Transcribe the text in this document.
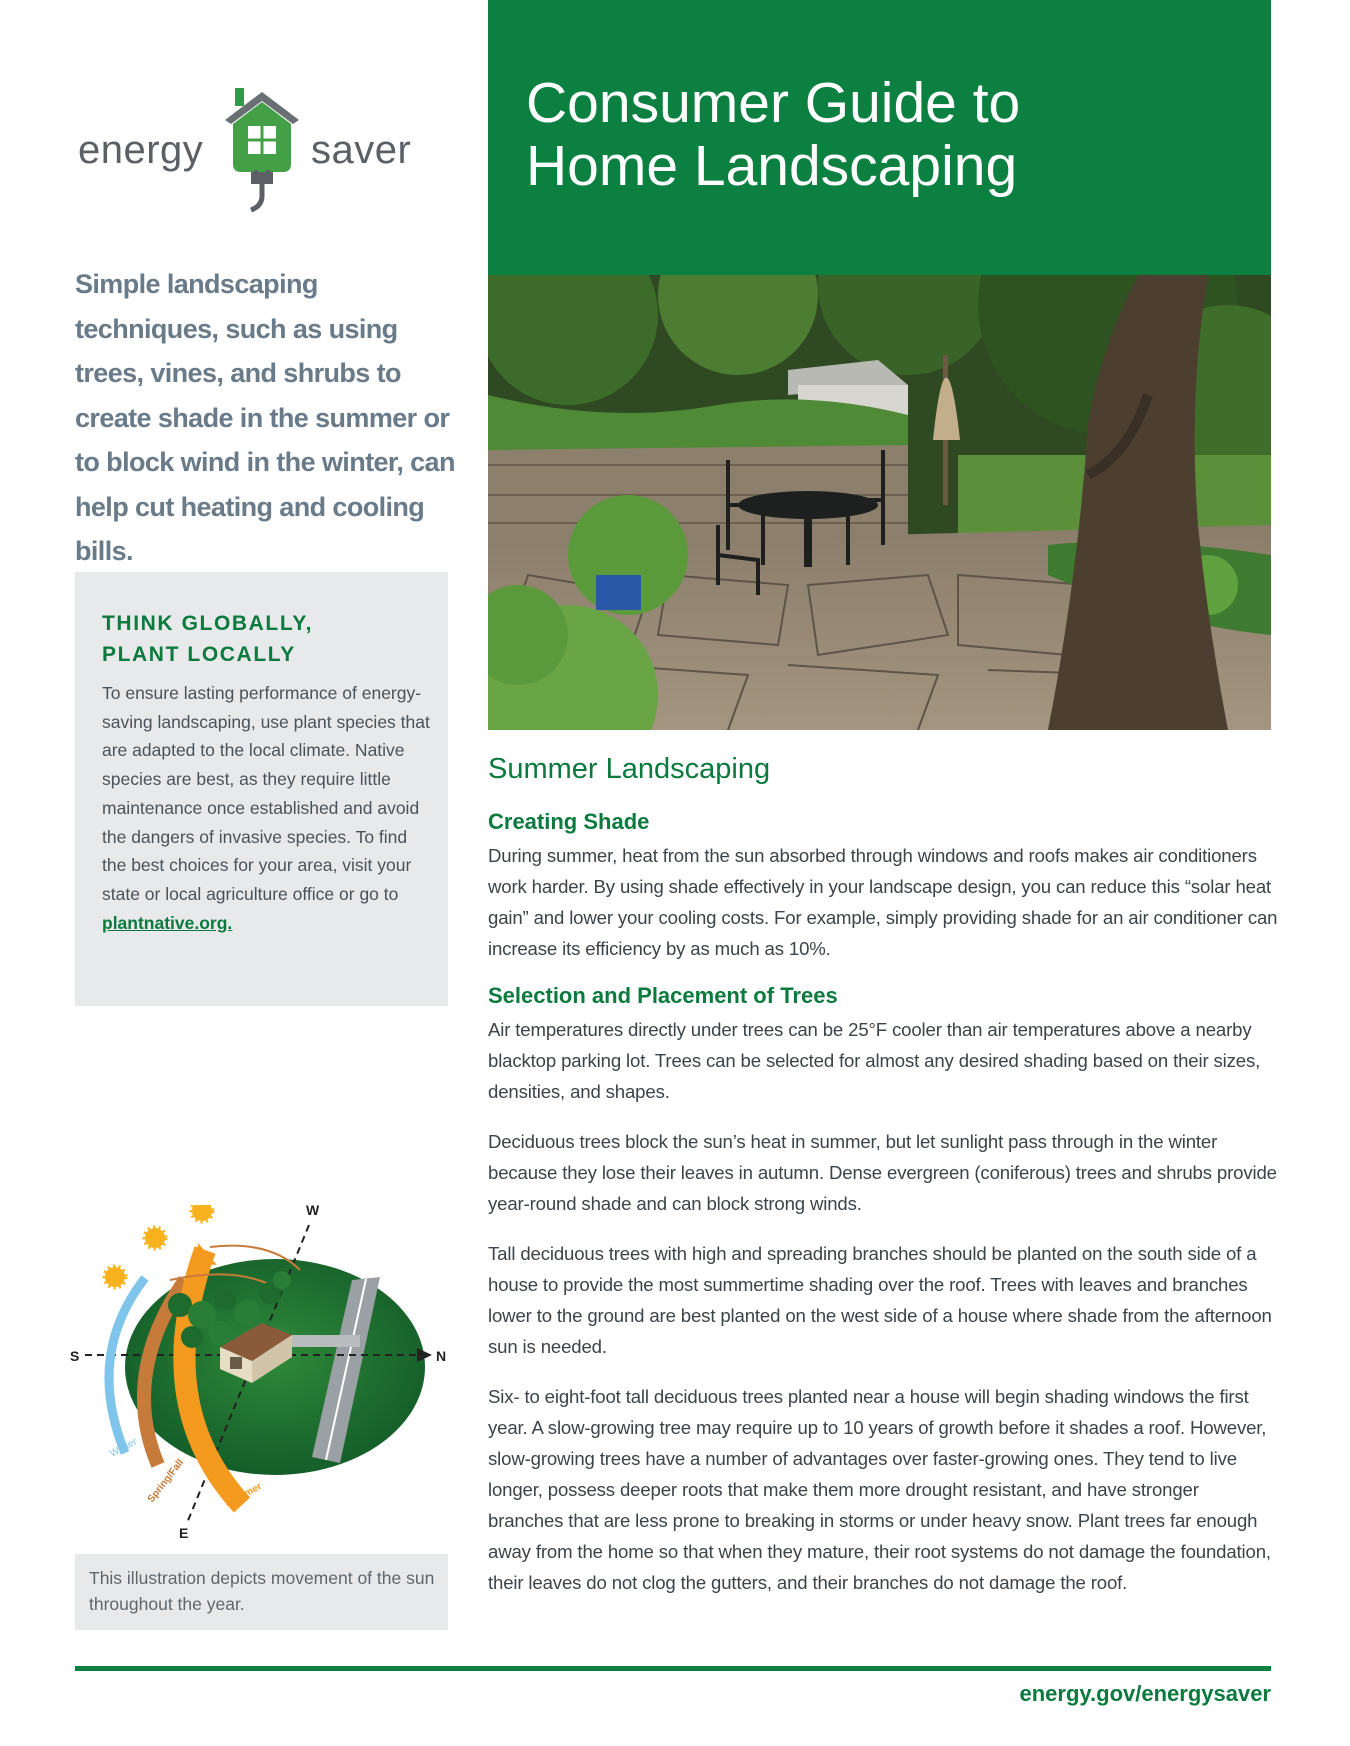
energy	saver

Simple landscaping techniques, such as using trees, vines, and shrubs to create shade in the summer or to block wind in the winter, can help cut heating and cooling bills.

THINK GLOBALLY,
PLANT LOCALLY

To ensure lasting performance of energy-saving landscaping, use plant species that are adapted to the local climate. Native species are best, as they require little maintenance once established and avoid the dangers of invasive species. To find the best choices for your area, visit your state or local agriculture office or go to plantnative.org.

W
S	N
E
Winter
Spring/Fall	Summer

This illustration depicts movement of the sun throughout the year.

Consumer Guide to
Home Landscaping
Summer Landscaping
Creating Shade

During summer, heat from the sun absorbed through windows and roofs makes air conditioners work harder. By using shade effectively in your landscape design, you can reduce this “solar heat gain” and lower your cooling costs. For example, simply providing shade for an air conditioner can increase its efficiency by as much as 10%.

Selection and Placement of Trees

Air temperatures directly under trees can be 25°F cooler than air temperatures above a nearby blacktop parking lot. Trees can be selected for almost any desired shading based on their sizes, densities, and shapes.

Deciduous trees block the sun’s heat in summer, but let sunlight pass through in the winter because they lose their leaves in autumn. Dense evergreen (coniferous) trees and shrubs provide year-round shade and can block strong winds.

Tall deciduous trees with high and spreading branches should be planted on the south side of a house to provide the most summertime shading over the roof. Trees with leaves and branches lower to the ground are best planted on the west side of a house where shade from the afternoon sun is needed.

Six- to eight-foot tall deciduous trees planted near a house will begin shading windows the first year. A slow-growing tree may require up to 10 years of growth before it shades a roof. However, slow-growing trees have a number of advantages over faster-growing ones. They tend to live longer, possess deeper roots that make them more drought resistant, and have stronger branches that are less prone to breaking in storms or under heavy snow. Plant trees far enough away from the home so that when they mature, their root systems do not damage the foundation, their leaves do not clog the gutters, and their branches do not damage the roof.

energy.gov/energysaver
